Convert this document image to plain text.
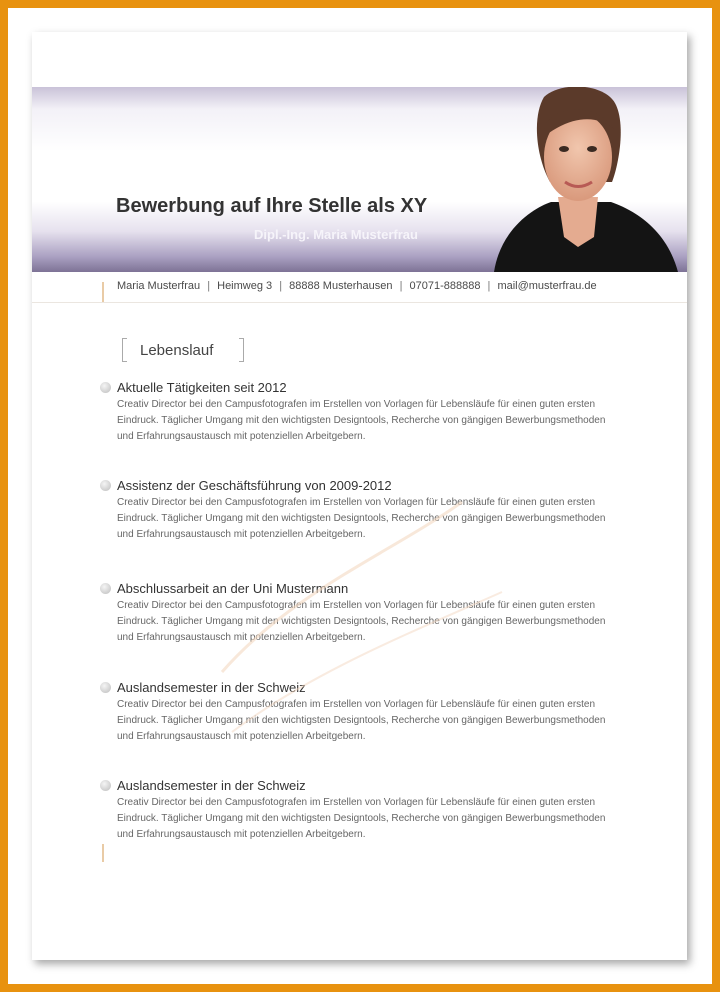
Bewerbung auf Ihre Stelle als XY
Dipl.-Ing. Maria Musterfrau
Maria Musterfrau | Heimweg 3 | 88888 Musterhausen | 07071-888888 | mail@musterfrau.de
Lebenslauf
Aktuelle Tätigkeiten seit 2012
Creativ Director bei den Campusfotografen im Erstellen von Vorlagen für Lebensläufe für einen guten ersten Eindruck. Täglicher Umgang mit den wichtigsten Designtools, Recherche von gängigen Bewerbungsmethoden und Erfahrungsaustausch mit potenziellen Arbeitgebern.
Assistenz der Geschäftsführung von 2009-2012
Creativ Director bei den Campusfotografen im Erstellen von Vorlagen für Lebensläufe für einen guten ersten Eindruck. Täglicher Umgang mit den wichtigsten Designtools, Recherche von gängigen Bewerbungsmethoden und Erfahrungsaustausch mit potenziellen Arbeitgebern.
Abschlussarbeit an der Uni Mustermann
Creativ Director bei den Campusfotografen im Erstellen von Vorlagen für Lebensläufe für einen guten ersten Eindruck. Täglicher Umgang mit den wichtigsten Designtools, Recherche von gängigen Bewerbungsmethoden und Erfahrungsaustausch mit potenziellen Arbeitgebern.
Auslandsemester in der Schweiz
Creativ Director bei den Campusfotografen im Erstellen von Vorlagen für Lebensläufe für einen guten ersten Eindruck. Täglicher Umgang mit den wichtigsten Designtools, Recherche von gängigen Bewerbungsmethoden und Erfahrungsaustausch mit potenziellen Arbeitgebern.
Auslandsemester in der Schweiz
Creativ Director bei den Campusfotografen im Erstellen von Vorlagen für Lebensläufe für einen guten ersten Eindruck. Täglicher Umgang mit den wichtigsten Designtools, Recherche von gängigen Bewerbungsmethoden und Erfahrungsaustausch mit potenziellen Arbeitgebern.
